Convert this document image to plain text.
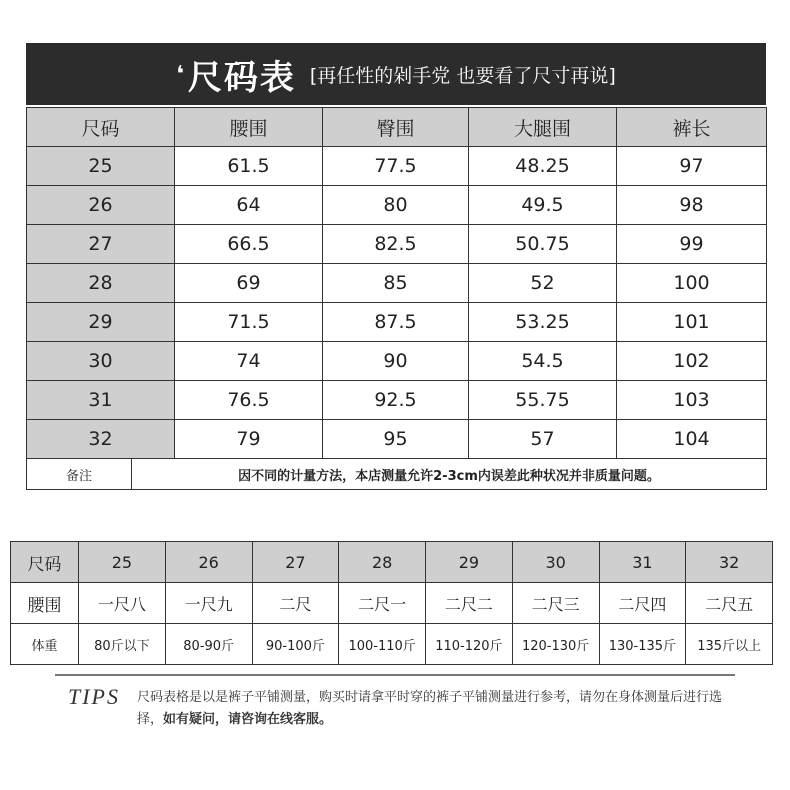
❛ 尺码表 [再任性的剁手党 也要看了尺寸再说]
尺码	腰围	臀围	大腿围	裤长
25	61.5	77.5	48.25	97
26	64	80	49.5	98
27	66.5	82.5	50.75	99
28	69	85	52	100
29	71.5	87.5	53.25	101
30	74	90	54.5	102
31	76.5	92.5	55.75	103
32	79	95	57	104

备注 因不同的计量方法，本店测量允许2-3cm内误差此种状况并非质量问题。				
尺码	25	26	27	28	29	30	31	32
腰围	一尺八	一尺九	二尺	二尺一	二尺二	二尺三	二尺四	二尺五
体重	80斤以下	80-90斤	90-100斤	100-110斤	110-120斤	120-130斤	130-135斤	135斤以上
TIPS 尺码表格是以是裤子平铺测量，购买时请拿平时穿的裤子平铺测量进行参考，请勿在身体测量后进行选择，如有疑问，请咨询在线客服。
